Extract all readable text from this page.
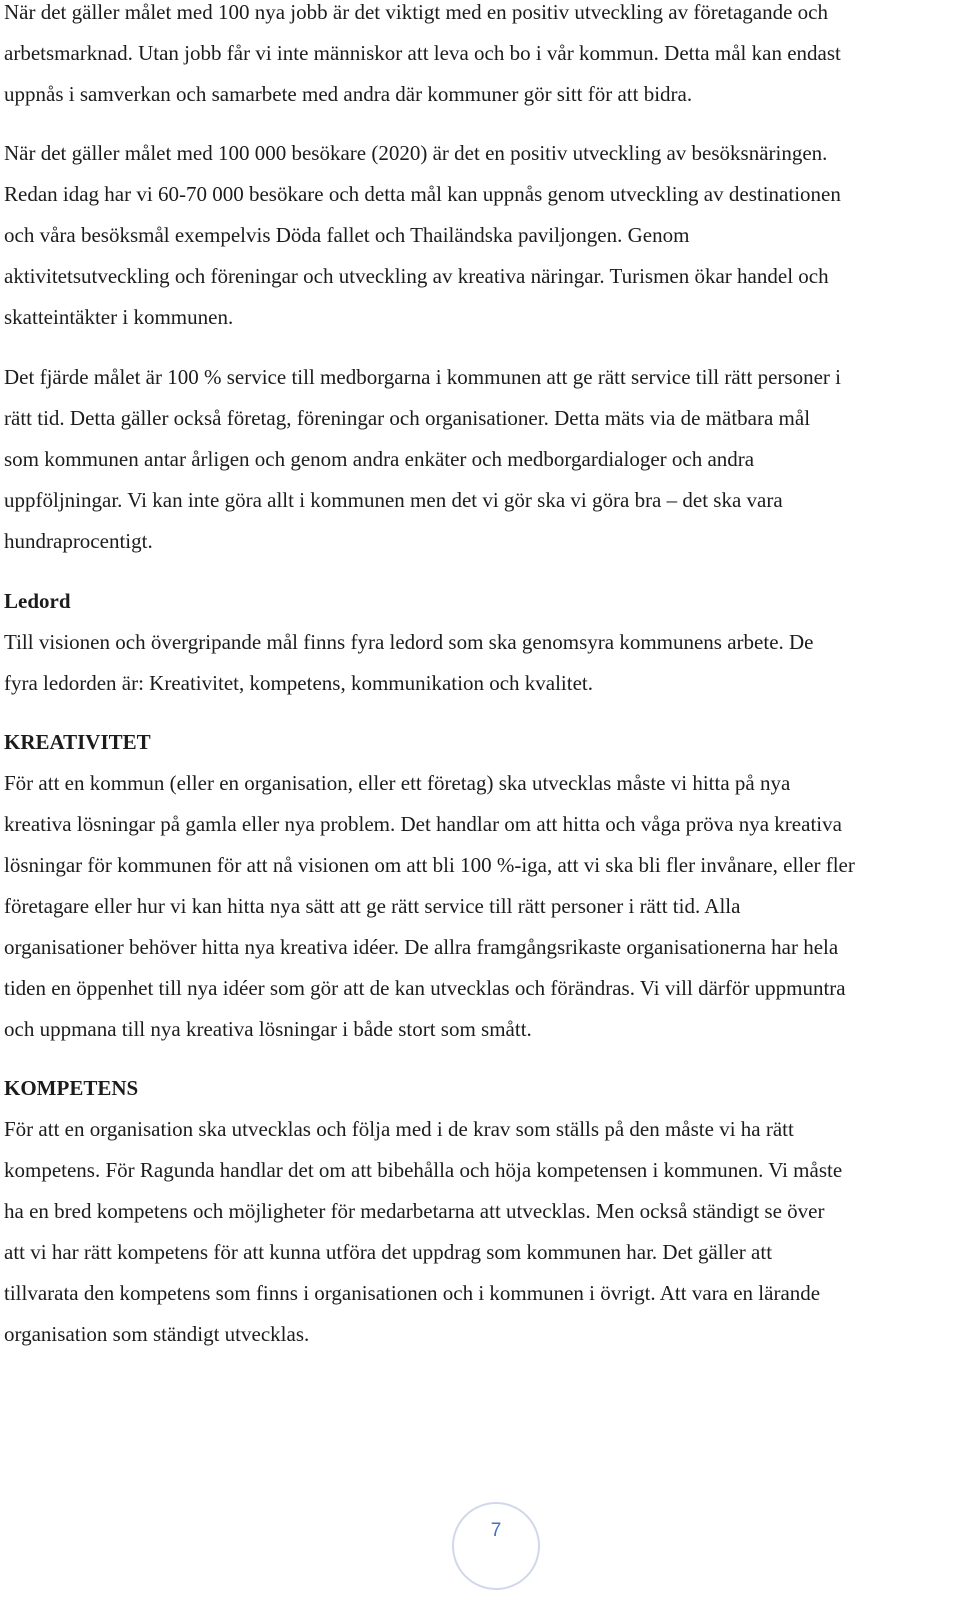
När det gäller målet med 100 nya jobb är det viktigt med en positiv utveckling av företagande och

arbetsmarknad. Utan jobb får vi inte människor att leva och bo i vår kommun. Detta mål kan endast

uppnås i samverkan och samarbete med andra där kommuner gör sitt för att bidra.

När det gäller målet med 100 000 besökare (2020) är det en positiv utveckling av besöksnäringen.

Redan idag har vi 60-70 000 besökare och detta mål kan uppnås genom utveckling av destinationen

och våra besöksmål exempelvis Döda fallet och Thailändska paviljongen. Genom

aktivitetsutveckling och föreningar och utveckling av kreativa näringar. Turismen ökar handel och

skatteintäkter i kommunen.

Det fjärde målet är 100 % service till medborgarna i kommunen att ge rätt service till rätt personer i

rätt tid. Detta gäller också företag, föreningar och organisationer. Detta mäts via de mätbara mål

som kommunen antar årligen och genom andra enkäter och medborgardialoger och andra

uppföljningar. Vi kan inte göra allt i kommunen men det vi gör ska vi göra bra – det ska vara

hundraprocentigt.

Ledord

Till visionen och övergripande mål finns fyra ledord som ska genomsyra kommunens arbete. De

fyra ledorden är: Kreativitet, kompetens, kommunikation och kvalitet.

KREATIVITET

För att en kommun (eller en organisation, eller ett företag) ska utvecklas måste vi hitta på nya

kreativa lösningar på gamla eller nya problem. Det handlar om att hitta och våga pröva nya kreativa

lösningar för kommunen för att nå visionen om att bli 100 %-iga, att vi ska bli fler invånare, eller fler

företagare eller hur vi kan hitta nya sätt att ge rätt service till rätt personer i rätt tid. Alla

organisationer behöver hitta nya kreativa idéer. De allra framgångsrikaste organisationerna har hela

tiden en öppenhet till nya idéer som gör att de kan utvecklas och förändras. Vi vill därför uppmuntra

och uppmana till nya kreativa lösningar i både stort som smått.

KOMPETENS

För att en organisation ska utvecklas och följa med i de krav som ställs på den måste vi ha rätt

kompetens. För Ragunda handlar det om att bibehålla och höja kompetensen i kommunen. Vi måste

ha en bred kompetens och möjligheter för medarbetarna att utvecklas. Men också ständigt se över

att vi har rätt kompetens för att kunna utföra det uppdrag som kommunen har. Det gäller att

tillvarata den kompetens som finns i organisationen och i kommunen i övrigt. Att vara en lärande

organisation som ständigt utvecklas.

7
